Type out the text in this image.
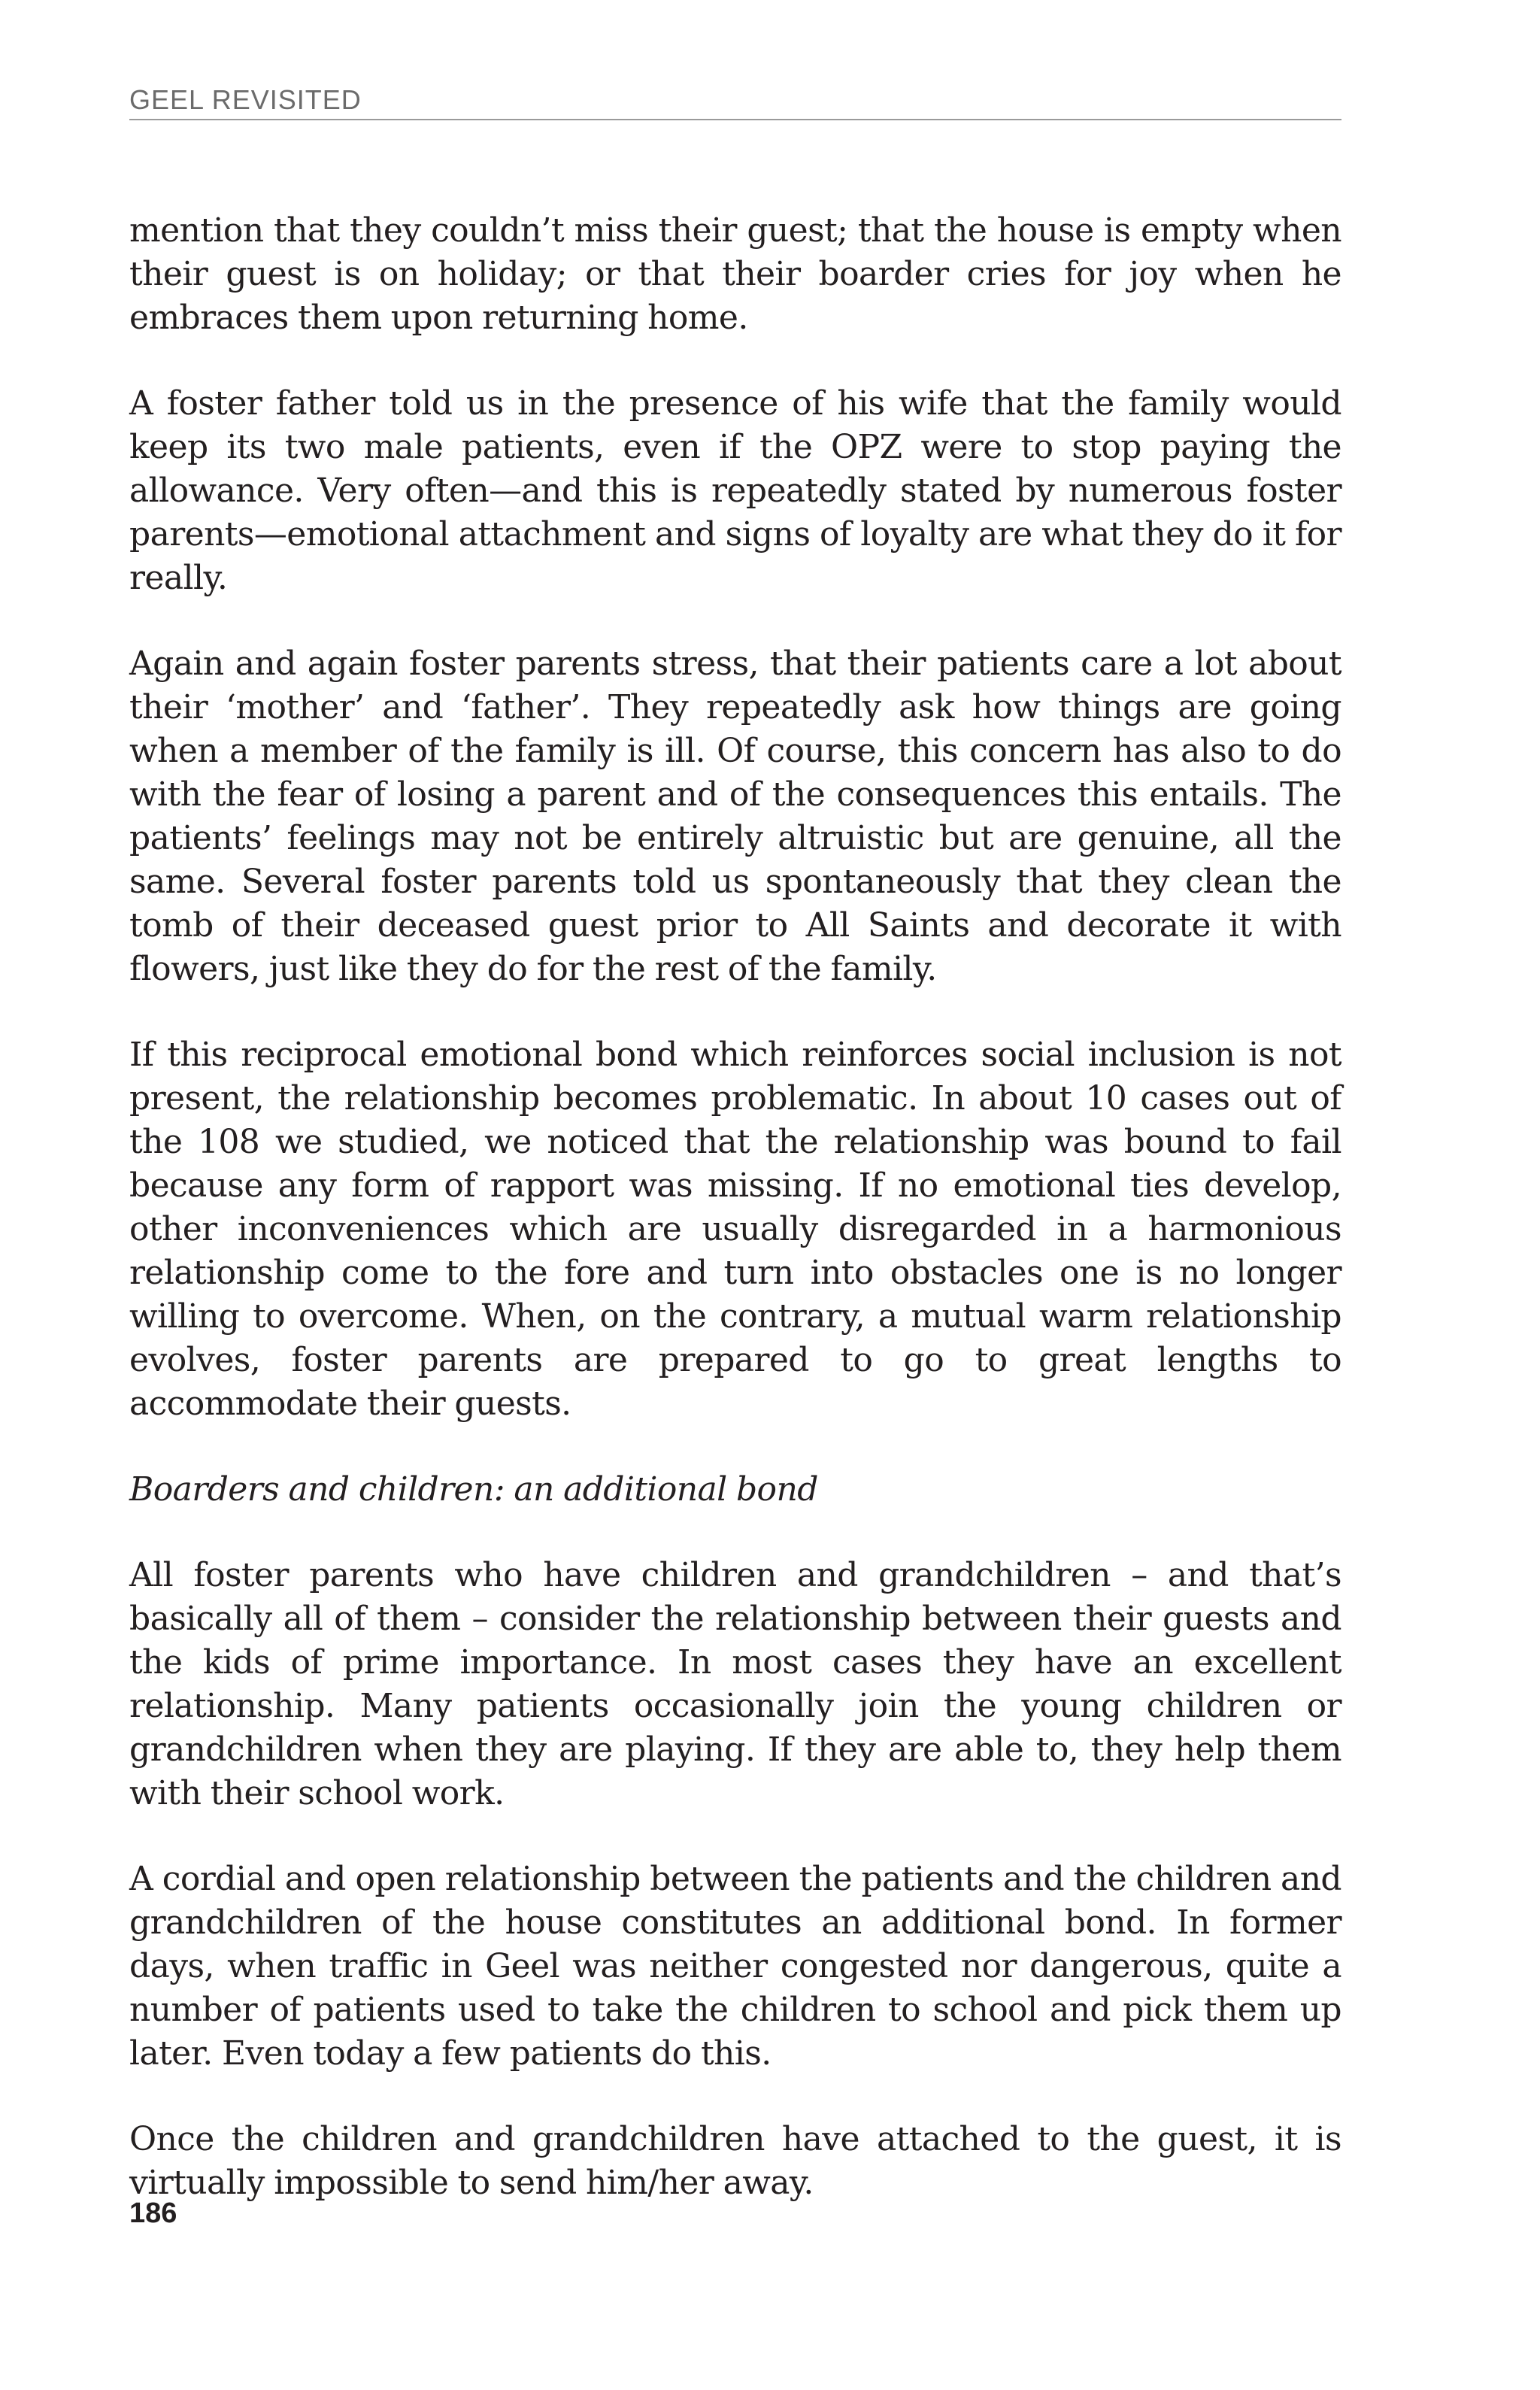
GEEL REVISITED

mention that they couldn’t miss their guest; that the house is empty when their guest is on holiday; or that their boarder cries for joy when he embraces them upon returning home.

A foster father told us in the presence of his wife that the family would keep its two male patients, even if the OPZ were to stop paying the allowance. Very often—and this is repeatedly stated by numerous foster parents—emotional attachment and signs of loyalty are what they do it for really.

Again and again foster parents stress, that their patients care a lot about their ‘mother’ and ‘father’. They repeatedly ask how things are going when a member of the family is ill. Of course, this concern has also to do with the fear of losing a parent and of the consequences this entails. The patients’ feelings may not be entirely altruistic but are genuine, all the same. Several foster parents told us spontaneously that they clean the tomb of their deceased guest prior to All Saints and decorate it with flowers, just like they do for the rest of the family.

If this reciprocal emotional bond which reinforces social inclusion is not present, the relationship becomes problematic. In about 10 cases out of the 108 we studied, we noticed that the relationship was bound to fail because any form of rapport was missing. If no emotional ties develop, other inconveniences which are usually disregarded in a harmonious relationship come to the fore and turn into obstacles one is no longer willing to overcome. When, on the contrary, a mutual warm relationship evolves, foster parents are prepared to go to great lengths to accommodate their guests.

Boarders and children: an additional bond

All foster parents who have children and grandchildren – and that’s basically all of them – consider the relationship between their guests and the kids of prime importance. In most cases they have an excellent relationship. Many patients occasionally join the young children or grandchildren when they are playing. If they are able to, they help them with their school work.

A cordial and open relationship between the patients and the children and grandchildren of the house constitutes an additional bond. In former days, when traffic in Geel was neither congested nor dangerous, quite a number of patients used to take the children to school and pick them up later. Even today a few patients do this.

Once the children and grandchildren have attached to the guest, it is virtually impossible to send him/her away.

186
